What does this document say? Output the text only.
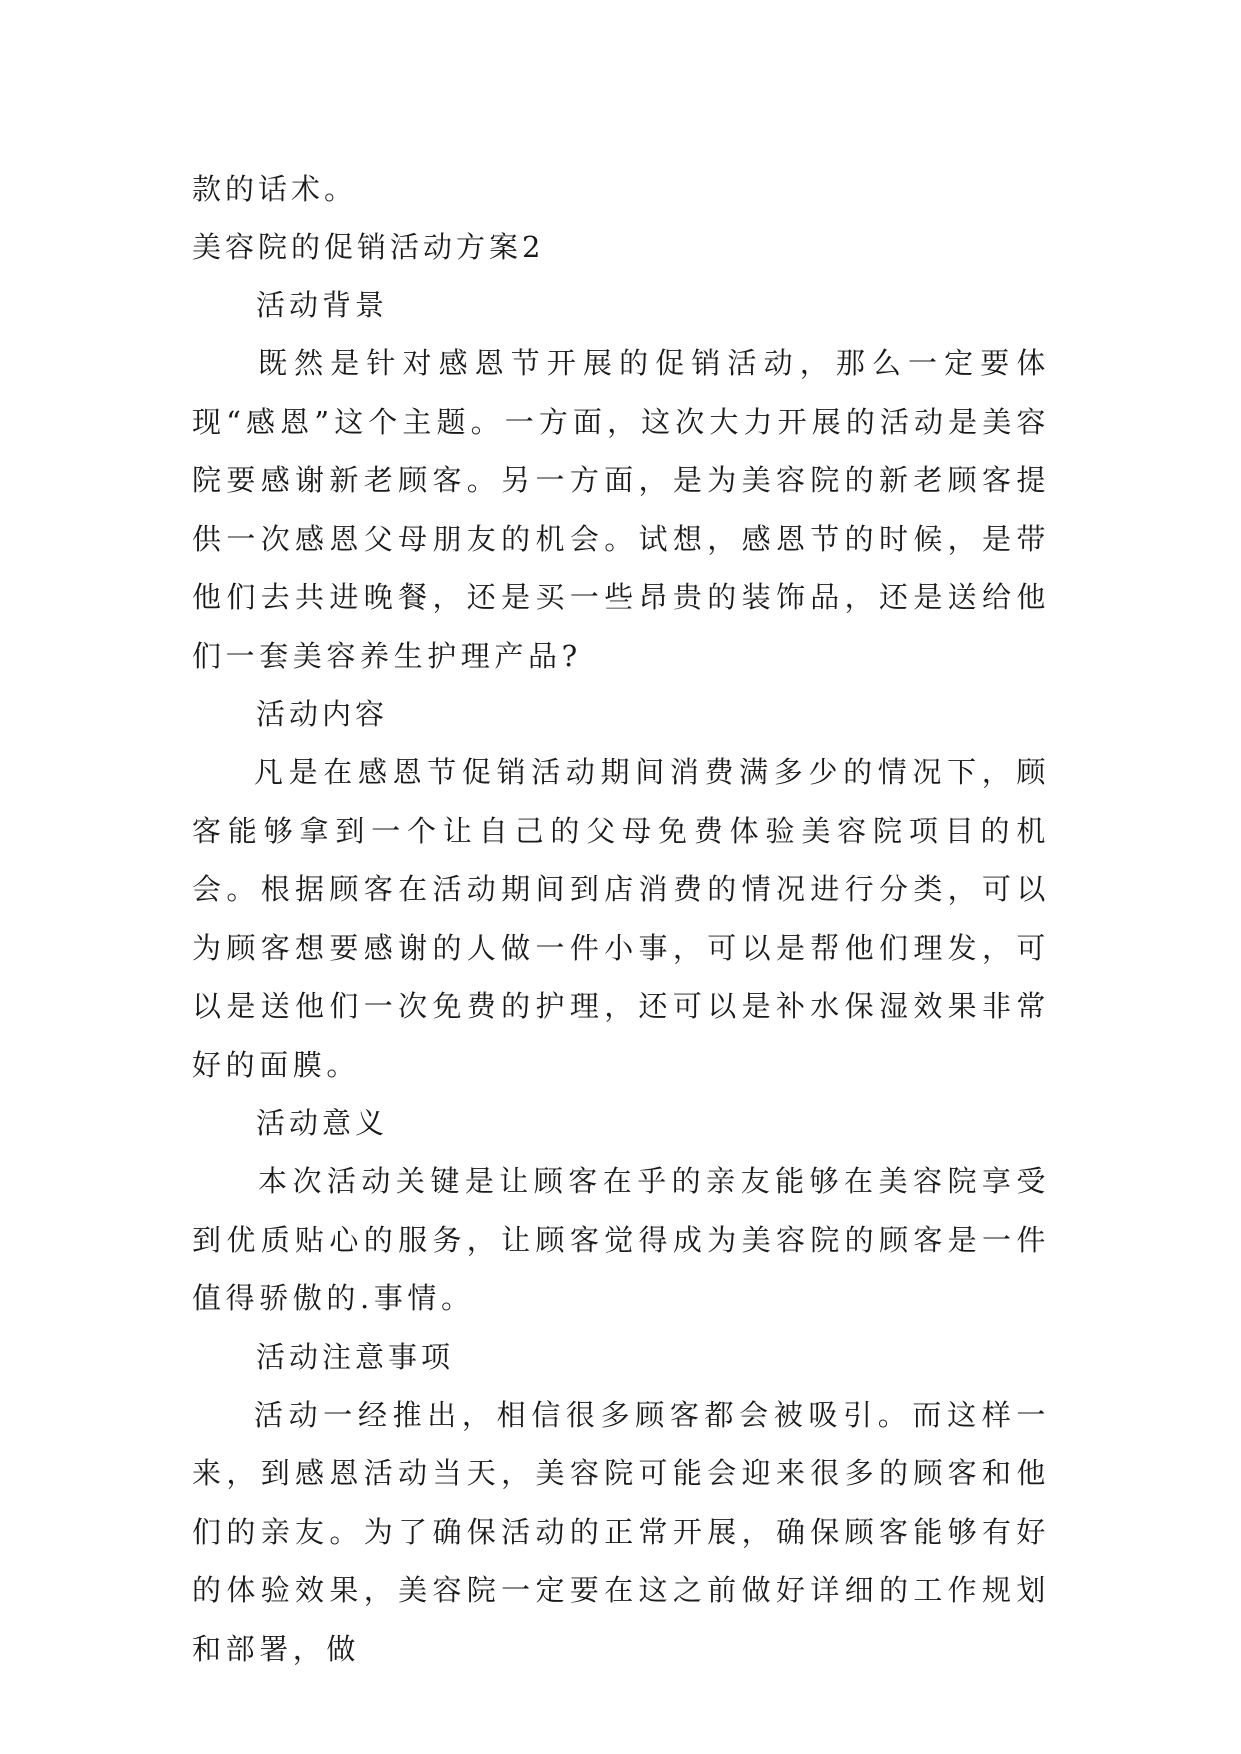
款的话术。
美容院的促销活动方案2
活动背景

既然是针对感恩节开展的促销活动，那么一定要体现“感恩”这个主题。一方面，这次大力开展的活动是美容院要感谢新老顾客。另一方面，是为美容院的新老顾客提供一次感恩父母朋友的机会。试想，感恩节的时候，是带他们去共进晚餐，还是买一些昂贵的装饰品，还是送给他们一套美容养生护理产品?

活动内容

凡是在感恩节促销活动期间消费满多少的情况下，顾客能够拿到一个让自己的父母免费体验美容院项目的机会。根据顾客在活动期间到店消费的情况进行分类，可以为顾客想要感谢的人做一件小事，可以是帮他们理发，可以是送他们一次免费的护理，还可以是补水保湿效果非常好的面膜。

活动意义

本次活动关键是让顾客在乎的亲友能够在美容院享受到优质贴心的服务，让顾客觉得成为美容院的顾客是一件值得骄傲的.事情。

活动注意事项

活动一经推出，相信很多顾客都会被吸引。而这样一来，到感恩活动当天，美容院可能会迎来很多的顾客和他们的亲友。为了确保活动的正常开展，确保顾客能够有好的体验效果，美容院一定要在这之前做好详细的工作规划和部署，做
